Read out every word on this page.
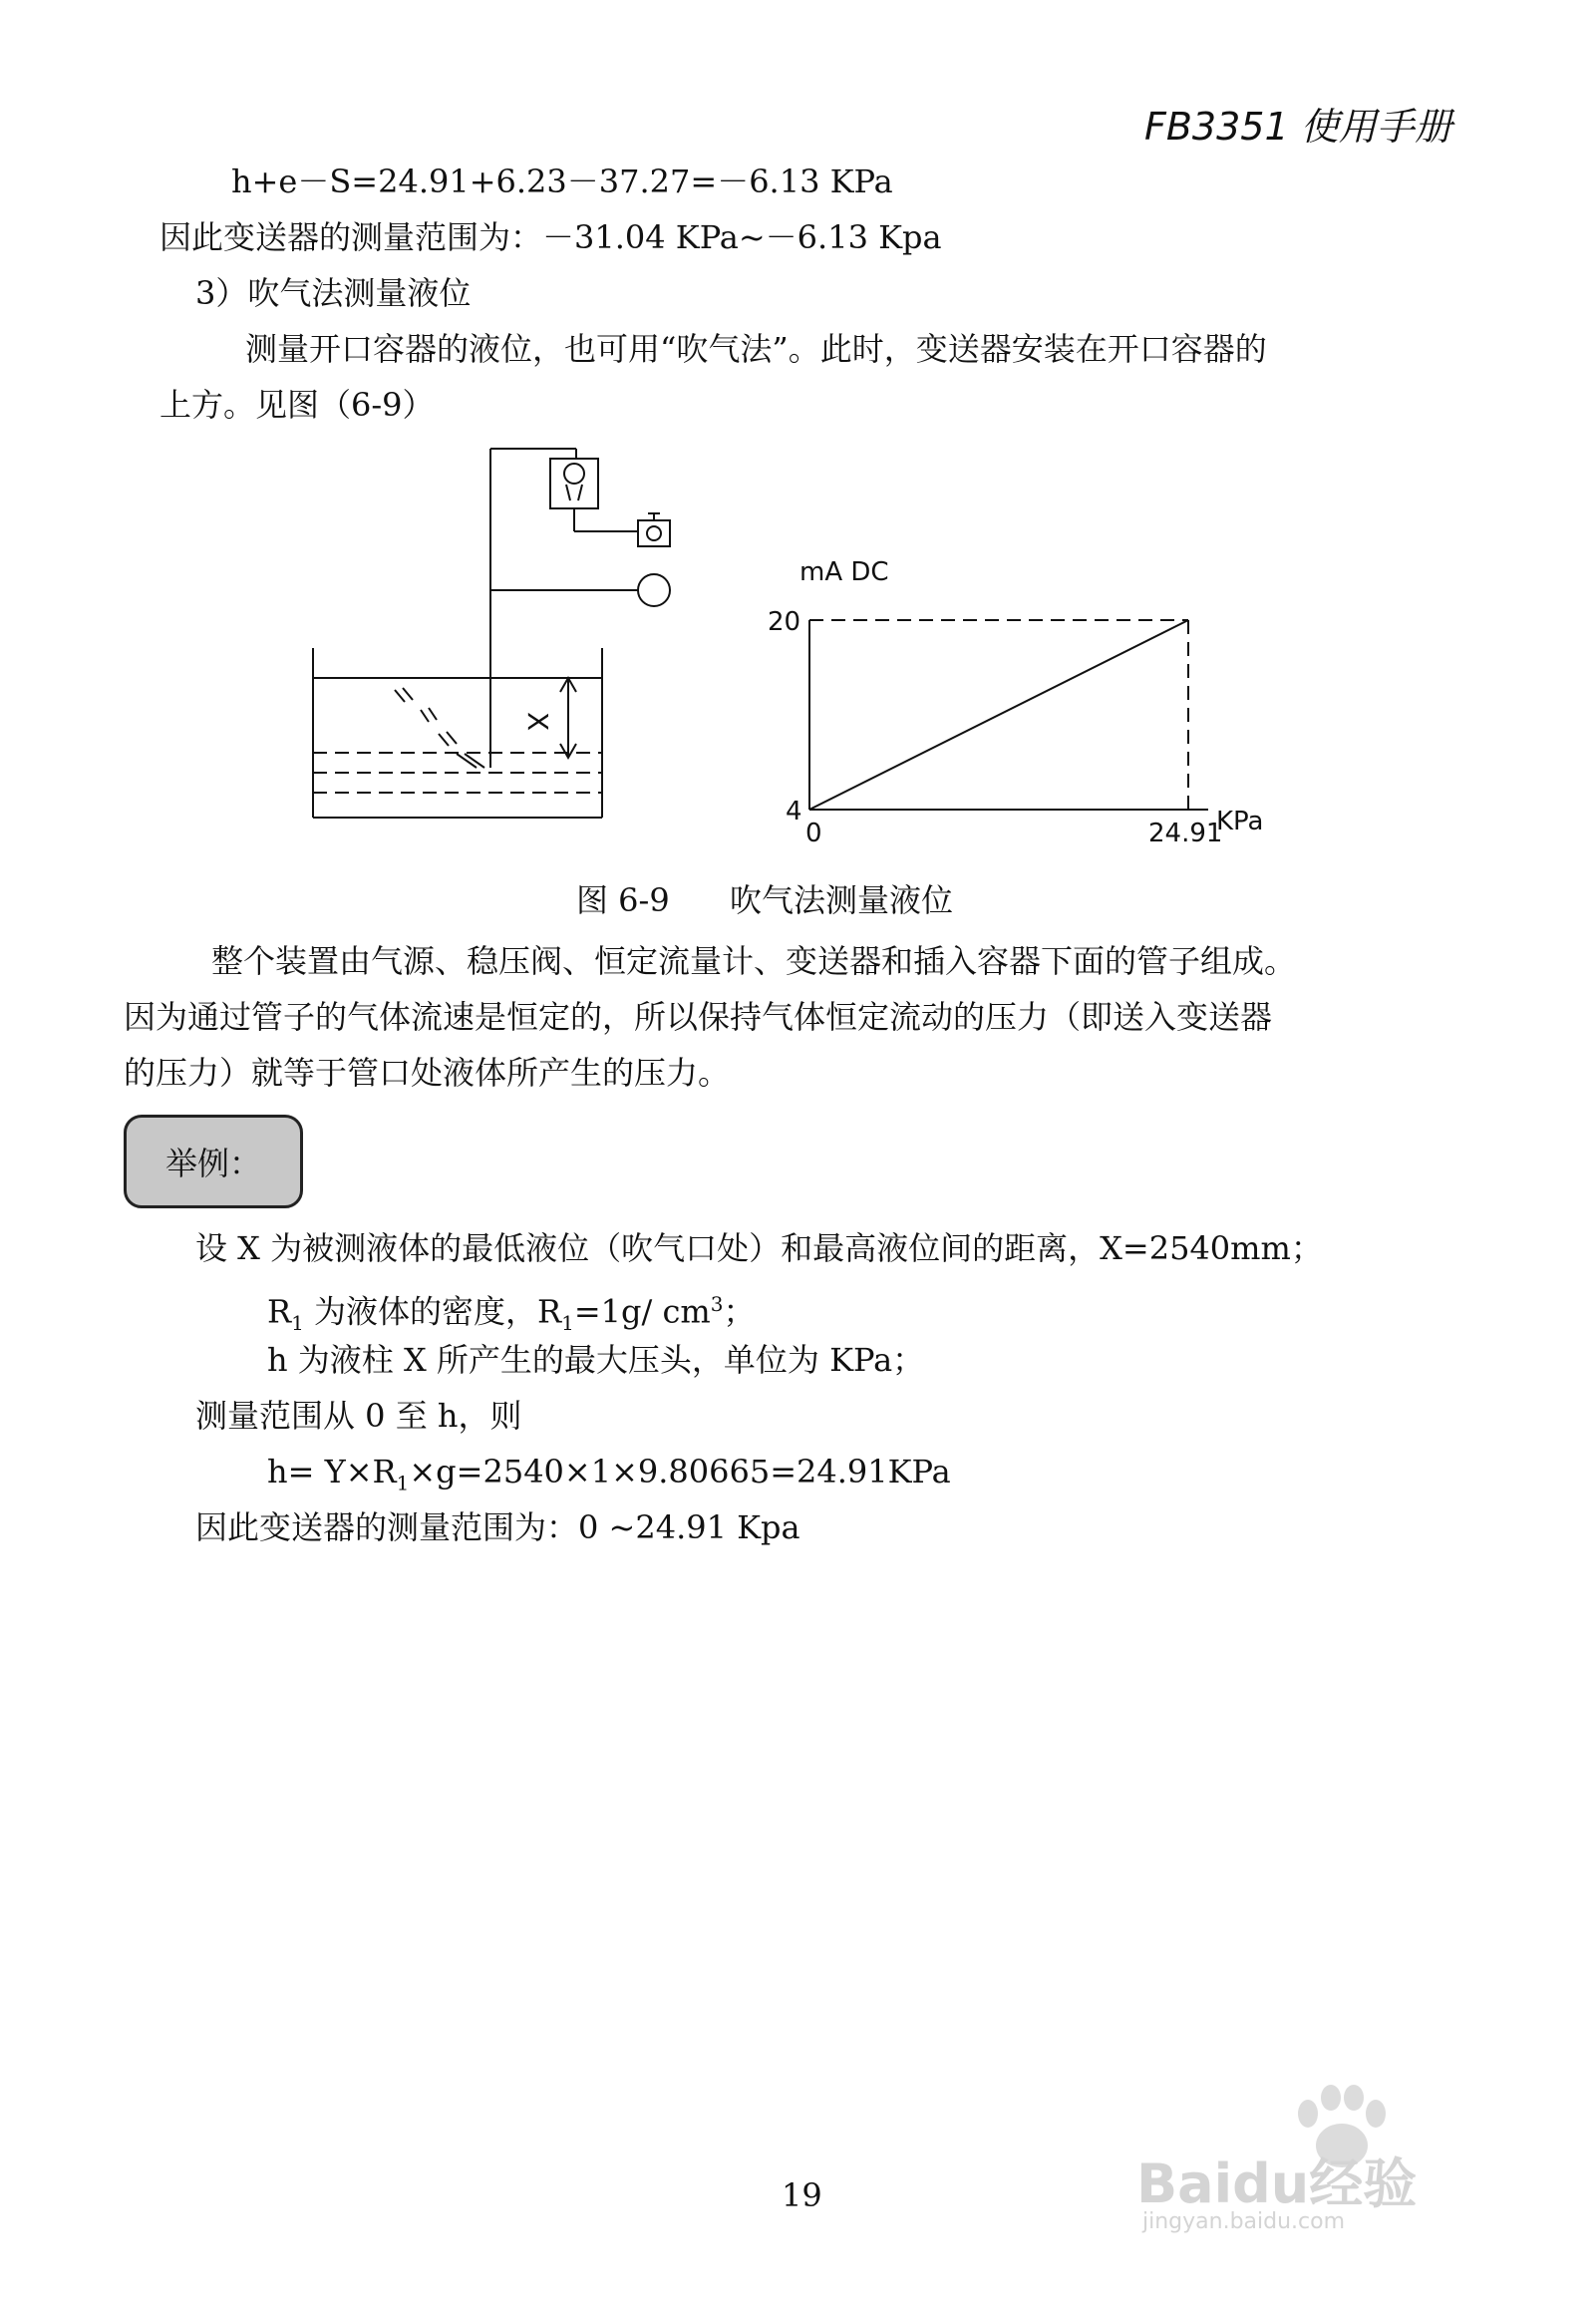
FB3351 使用手册
h+e－S=24.91+6.23－37.27=－6.13 KPa
因此变送器的测量范围为：－31.04 KPa~－6.13 Kpa
3）吹气法测量液位
测量开口容器的液位，也可用“吹气法”。此时，变送器安装在开口容器的
上方。见图（6-9）
X
mA DC
KPa
20
4
0	24.91
图 6-9 吹气法测量液位
整个装置由气源、稳压阀、恒定流量计、变送器和插入容器下面的管子组成。
因为通过管子的气体流速是恒定的，所以保持气体恒定流动的压力（即送入变送器
的压力）就等于管口处液体所产生的压力。
举例：
设 X 为被测液体的最低液位（吹气口处）和最高液位间的距离，X=2540mm；
$R_1$ 为液体的密度，$R_1=1g/$ $cm^3$；
h 为液柱 X 所产生的最大压头，单位为 KPa；
测量范围从 0 至 h，则
$h= Y\times R_1\times g=2540\times 1\times 9.80665=24.91KPa$
因此变送器的测量范围为：0 ~24.91 Kpa
19	Baidu经验
jingyan.baidu.com
